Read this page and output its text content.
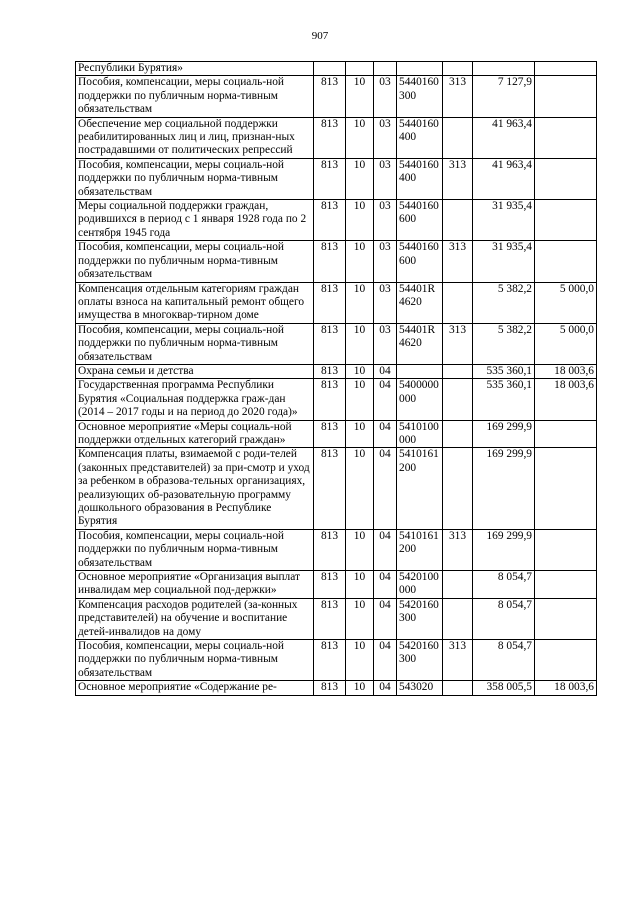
907
Республики Бурятия»							
Пособия, компенсации, меры социаль-ной поддержки по публичным норма-тивным обязательствам	813	10	03	5440160300	313	7 127,9	
Обеспечение мер социальной поддержки реабилитированных лиц и лиц, признан-ных пострадавшими от политических репрессий	813	10	03	5440160400		41 963,4	
Пособия, компенсации, меры социаль-ной поддержки по публичным норма-тивным обязательствам	813	10	03	5440160400	313	41 963,4	
Меры социальной поддержки граждан, родившихся в период с 1 января 1928 года по 2 сентября 1945 года	813	10	03	5440160600		31 935,4	
Пособия, компенсации, меры социаль-ной поддержки по публичным норма-тивным обязательствам	813	10	03	5440160600	313	31 935,4	
Компенсация отдельным категориям граждан оплаты взноса на капитальный ремонт общего имущества в многоквар-тирном доме	813	10	03	54401R4620		5 382,2	5 000,0
Пособия, компенсации, меры социаль-ной поддержки по публичным норма-тивным обязательствам	813	10	03	54401R4620	313	5 382,2	5 000,0
Охрана семьи и детства	813	10	04			535 360,1	18 003,6
Государственная программа Республики Бурятия «Социальная поддержка граж-дан (2014 – 2017 годы и на период до 2020 года)»	813	10	04	5400000000		535 360,1	18 003,6
Основное мероприятие «Меры социаль-ной поддержки отдельных категорий граждан»	813	10	04	5410100000		169 299,9	
Компенсация платы, взимаемой с роди-телей (законных представителей) за при-смотр и уход за ребенком в образова-тельных организациях, реализующих об-разовательную программу дошкольного образования в Республике Бурятия	813	10	04	5410161200		169 299,9	
Пособия, компенсации, меры социаль-ной поддержки по публичным норма-тивным обязательствам	813	10	04	5410161200	313	169 299,9	
Основное мероприятие «Организация выплат инвалидам мер социальной под-держки»	813	10	04	5420100000		8 054,7	
Компенсация расходов родителей (за-конных представителей) на обучение и воспитание детей-инвалидов на дому	813	10	04	5420160300		8 054,7	
Пособия, компенсации, меры социаль-ной поддержки по публичным норма-тивным обязательствам	813	10	04	5420160300	313	8 054,7	
Основное мероприятие «Содержание ре-	813	10	04	543020		358 005,5	18 003,6
